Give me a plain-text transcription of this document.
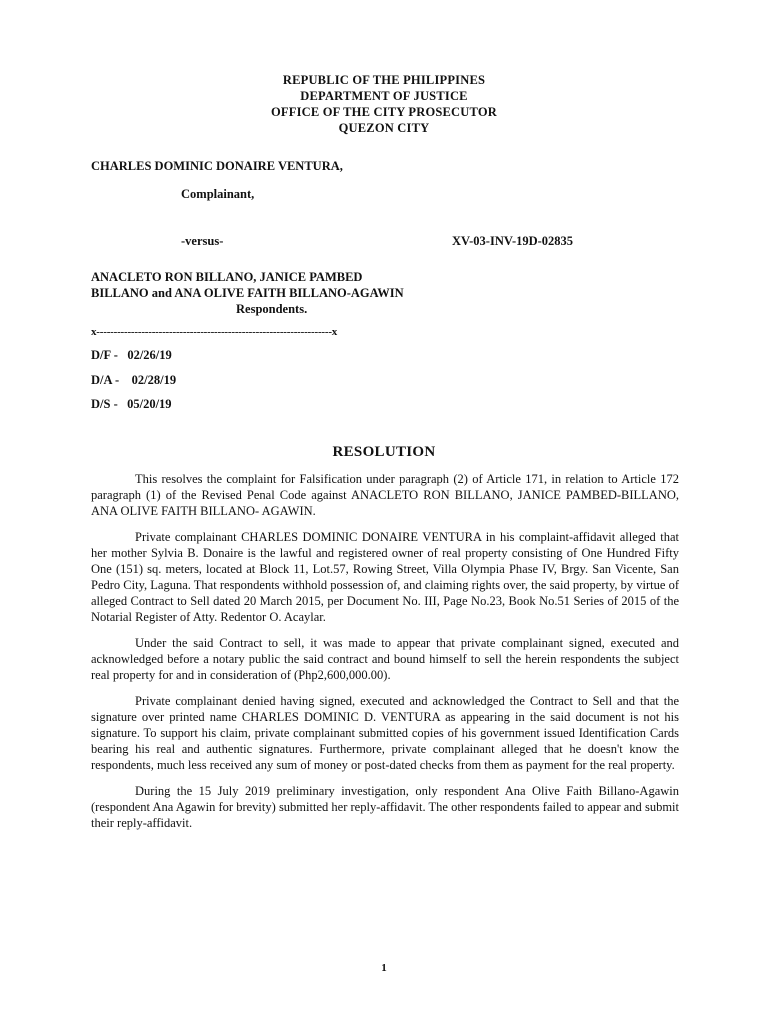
REPUBLIC OF THE PHILIPPINES
DEPARTMENT OF JUSTICE
OFFICE OF THE CITY PROSECUTOR
QUEZON CITY
CHARLES DOMINIC DONAIRE VENTURA,
Complainant,
-versus-	XV-03-INV-19D-02835
ANACLETO RON BILLANO, JANICE PAMBED
BILLANO and ANA OLIVE FAITH BILLANO-AGAWIN
Respondents.
x--------------------------------------------------------------------x
D/F -   02/26/19
D/A -    02/28/19
D/S -   05/20/19
RESOLUTION

This resolves the complaint for Falsification under paragraph (2) of Article 171, in relation to Article 172 paragraph (1) of the Revised Penal Code against ANACLETO RON BILLANO, JANICE PAMBED-BILLANO, ANA OLIVE FAITH BILLANO- AGAWIN.

Private complainant CHARLES DOMINIC DONAIRE VENTURA in his complaint-affidavit alleged that her mother Sylvia B. Donaire is the lawful and registered owner of real property consisting of One Hundred Fifty One (151) sq. meters, located at Block 11, Lot.57, Rowing Street, Villa Olympia Phase IV, Brgy. San Vicente, San Pedro City, Laguna. That respondents withhold possession of, and claiming rights over, the said property, by virtue of alleged Contract to Sell dated 20 March 2015, per Document No. III, Page No.23, Book No.51 Series of 2015 of the Notarial Register of Atty. Redentor O. Acaylar.

Under the said Contract to sell, it was made to appear that private complainant signed, executed and acknowledged before a notary public the said contract and bound himself to sell the herein respondents the subject real property for and in consideration of (Php2,600,000.00).

Private complainant denied having signed, executed and acknowledged the Contract to Sell and that the signature over printed name CHARLES DOMINIC D. VENTURA as appearing in the said document is not his signature. To support his claim, private complainant submitted copies of his government issued Identification Cards bearing his real and authentic signatures. Furthermore, private complainant alleged that he doesn't know the respondents, much less received any sum of money or post-dated checks from them as payment for the real property.

During the 15 July 2019 preliminary investigation, only respondent Ana Olive Faith Billano-Agawin (respondent Ana Agawin for brevity) submitted her reply-affidavit. The other respondents failed to appear and submit their reply-affidavit.

1
